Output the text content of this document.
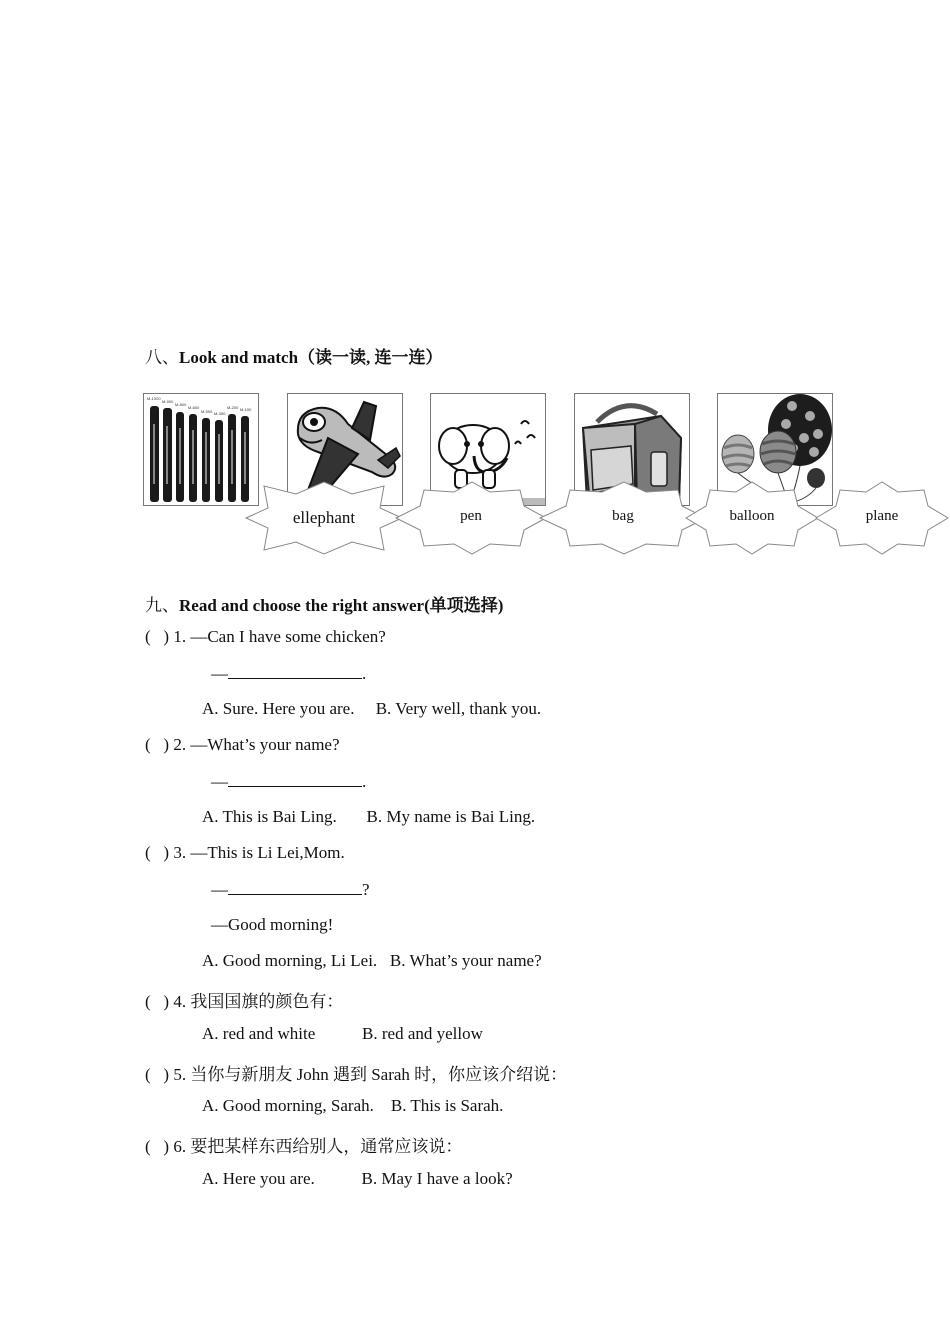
八、Look and match（读一读, 连一连）
M-1000
M-900
M-800
M-600
M-500 M-300
M-200 M-100
ellephant	pen	bag	balloon	plane
九、Read and choose the right answer(单项选择)
(   ) 1. —Can I have some chicken?
—	.
A. Sure. Here you are.     B. Very well, thank you.
(   ) 2. —What’s your name?
—	.
A. This is Bai Ling.       B. My name is Bai Ling.
(   ) 3. —This is Li Lei,Mom.
—	?
—Good morning!
A. Good morning, Li Lei.   B. What’s your name?
(   ) 4. 我国国旗的颜色有：
A. red and white           B. red and yellow
(   ) 5. 当你与新朋友 John 遇到 Sarah 时，你应该介绍说：
A. Good morning, Sarah.    B. This is Sarah.
(   ) 6. 要把某样东西给别人，通常应该说：
A. Here you are.           B. May I have a look?
